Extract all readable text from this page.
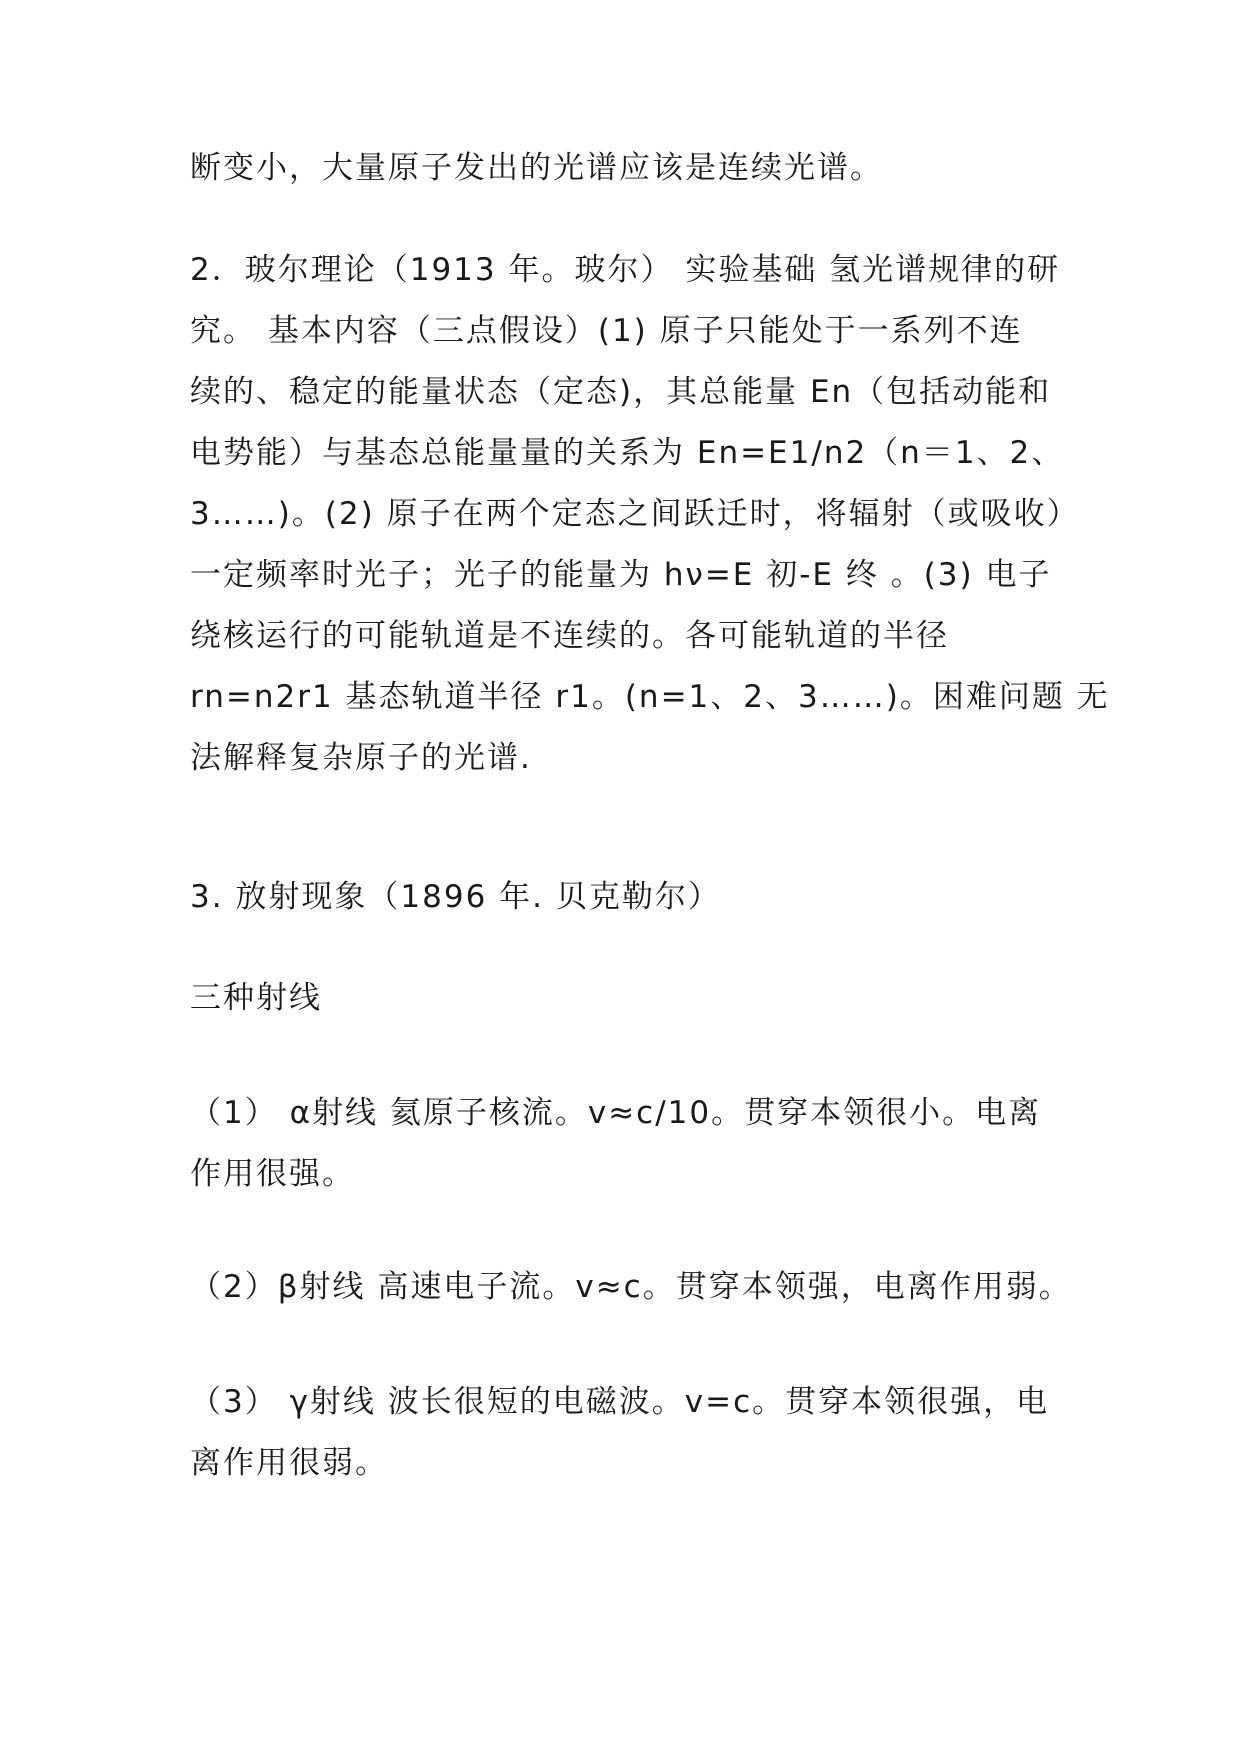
断变小，大量原子发出的光谱应该是连续光谱。

2．玻尔理论（1913 年。玻尔） 实验基础 氢光谱规律的研
究。 基本内容（三点假设）(1) 原子只能处于一系列不连
续的、稳定的能量状态（定态)，其总能量 En（包括动能和
电势能）与基态总能量量的关系为 En=E1/n2（n＝1、2、
3……)。(2) 原子在两个定态之间跃迁时，将辐射（或吸收）
一定频率时光子；光子的能量为 hν=E 初-E 终 。(3) 电子
绕核运行的可能轨道是不连续的。各可能轨道的半径
rn=n2r1 基态轨道半径 r1。(n=1、2、3……)。困难问题 无
法解释复杂原子的光谱.

3. 放射现象（1896 年. 贝克勒尔）

三种射线

（1） α射线 氦原子核流。v≈c/10。贯穿本领很小。电离
作用很强。

（2）β射线 高速电子流。v≈c。贯穿本领强，电离作用弱。

（3） γ射线 波长很短的电磁波。v=c。贯穿本领很强，电
离作用很弱。
